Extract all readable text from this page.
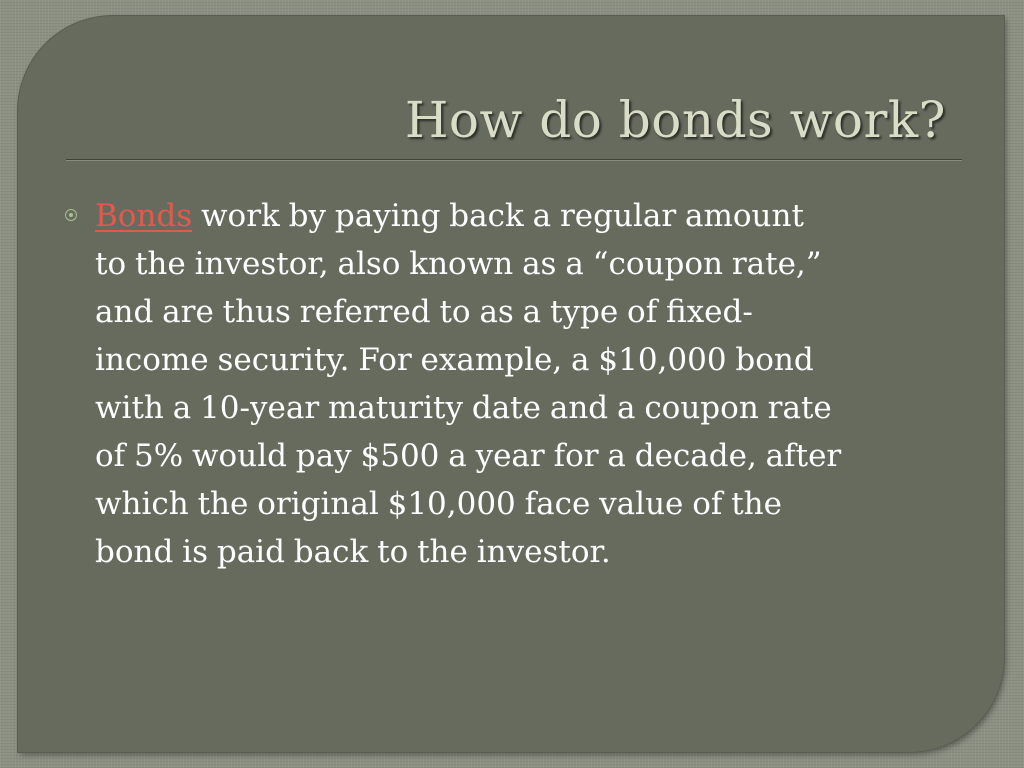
How do bonds work?

Bonds work by paying back a regular amount
to the investor, also known as a “coupon rate,”
and are thus referred to as a type of fixed-
income security. For example, a $10,000 bond
with a 10-year maturity date and a coupon rate
of 5% would pay $500 a year for a decade, after
which the original $10,000 face value of the
bond is paid back to the investor.
